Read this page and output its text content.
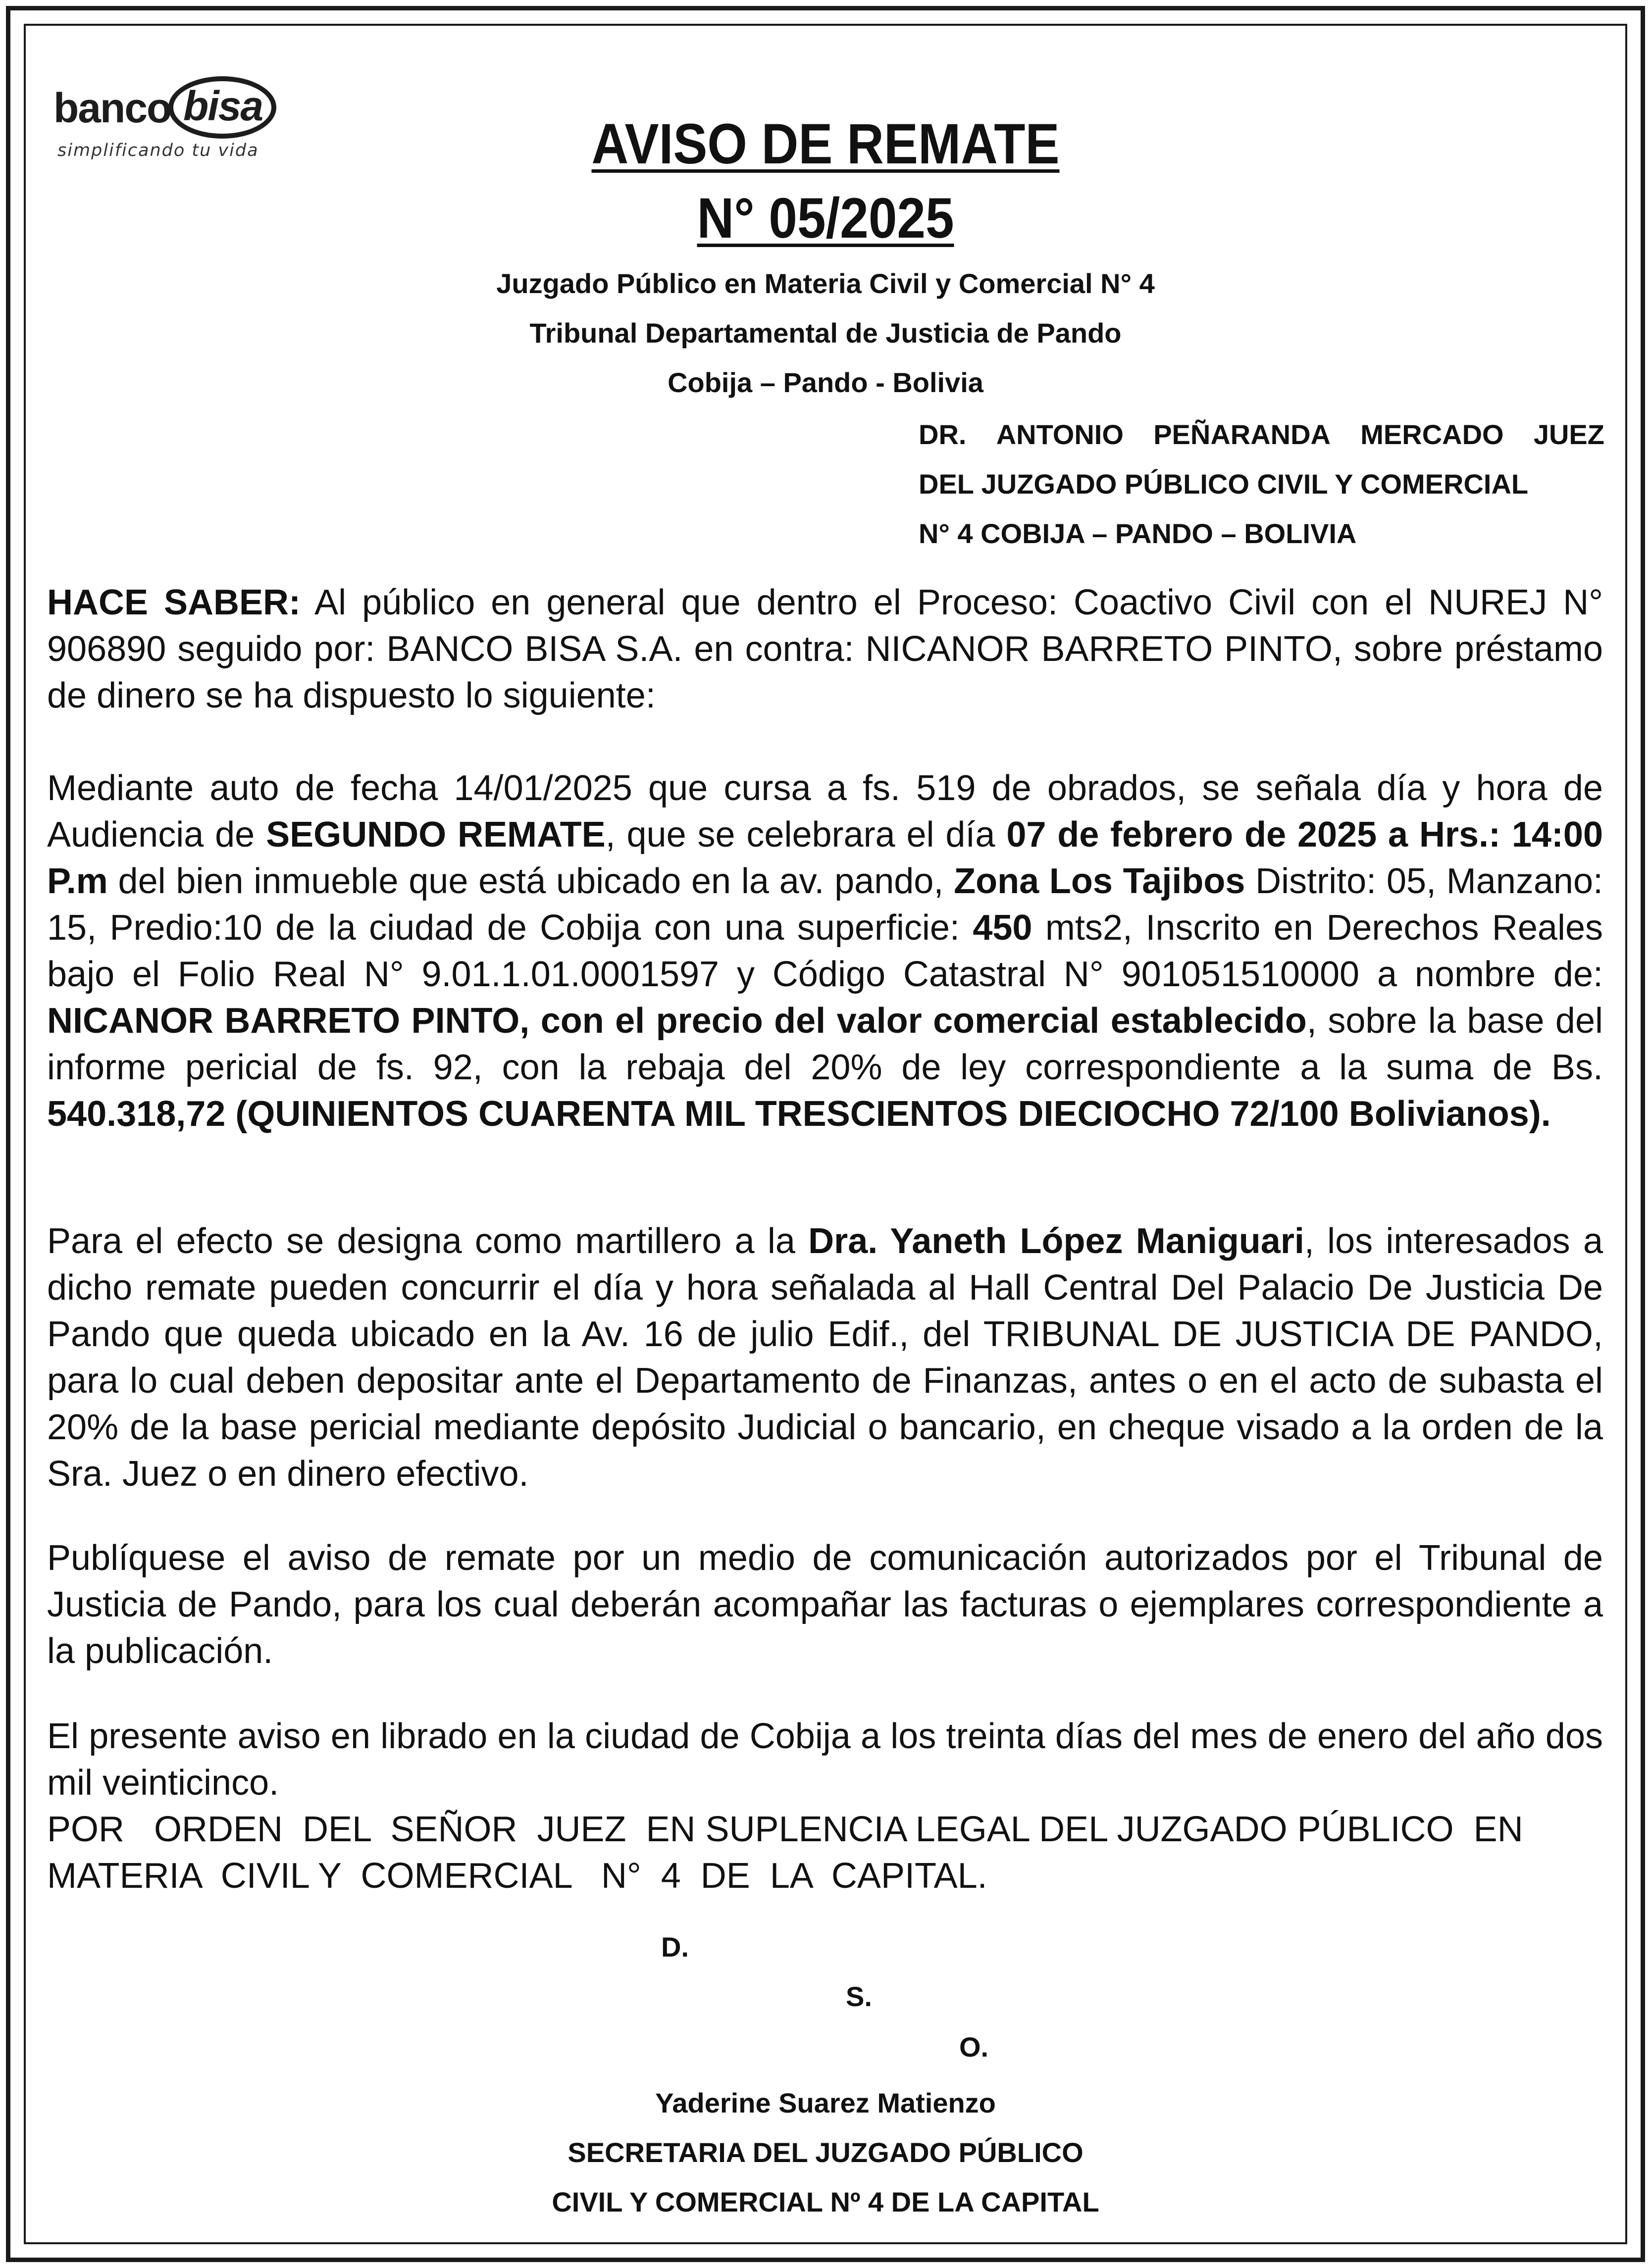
banco bisa
simplificando tu vida	AVISO DE REMATE
N° 05/2025
Juzgado Público en Materia Civil y Comercial N° 4
Tribunal Departamental de Justicia de Pando
Cobija – Pando - Bolivia
DR. ANTONIO PEÑARANDA MERCADO JUEZ
DEL JUZGADO PÚBLICO CIVIL Y COMERCIAL
N° 4 COBIJA – PANDO – BOLIVIA
HACE SABER: Al público en general que dentro el Proceso: Coactivo Civil con el NUREJ N° 906890 seguido por: BANCO BISA S.A. en contra: NICANOR BARRETO PINTO, sobre préstamo de dinero se ha dispuesto lo siguiente:
Mediante auto de fecha 14/01/2025 que cursa a fs. 519 de obrados, se señala día y hora de Audiencia de SEGUNDO REMATE, que se celebrara el día 07 de febrero de 2025 a Hrs.: 14:00 P.m del bien inmueble que está ubicado en la av. pando, Zona Los Tajibos Distrito: 05, Manzano: 15, Predio:10 de la ciudad de Cobija con una superficie: 450 mts2, Inscrito en Derechos Reales bajo el Folio Real N° 9.01.1.01.0001597 y Código Catastral N° 901051510000 a nombre de: NICANOR BARRETO PINTO, con el precio del valor comercial establecido, sobre la base del informe pericial de fs. 92, con la rebaja del 20% de ley correspondiente a la suma de Bs. 540.318,72 (QUINIENTOS CUARENTA MIL TRESCIENTOS DIECIOCHO 72/100 Bolivianos).
Para el efecto se designa como martillero a la Dra. Yaneth López Maniguari, los interesados a dicho remate pueden concurrir el día y hora señalada al Hall Central Del Palacio De Justicia De Pando que queda ubicado en la Av. 16 de julio Edif., del TRIBUNAL DE JUSTICIA DE PANDO, para lo cual deben depositar ante el Departamento de Finanzas, antes o en el acto de subasta el 20% de la base pericial mediante depósito Judicial o bancario, en cheque visado a la orden de la Sra. Juez o en dinero efectivo.
Publíquese el aviso de remate por un medio de comunicación autorizados por el Tribunal de Justicia de Pando, para los cual deberán acompañar las facturas o ejemplares correspondiente a la publicación.
El presente aviso en librado en la ciudad de Cobija a los treinta días del mes de enero del año dos mil veinticinco.
POR   ORDEN  DEL  SEÑOR  JUEZ  EN SUPLENCIA LEGAL DEL JUZGADO PÚBLICO  EN MATERIA  CIVIL Y  COMERCIAL   N°  4  DE  LA  CAPITAL.
D.
S.
O.
Yaderine Suarez Matienzo
SECRETARIA DEL JUZGADO PÚBLICO
CIVIL Y COMERCIAL Nº 4 DE LA CAPITAL
